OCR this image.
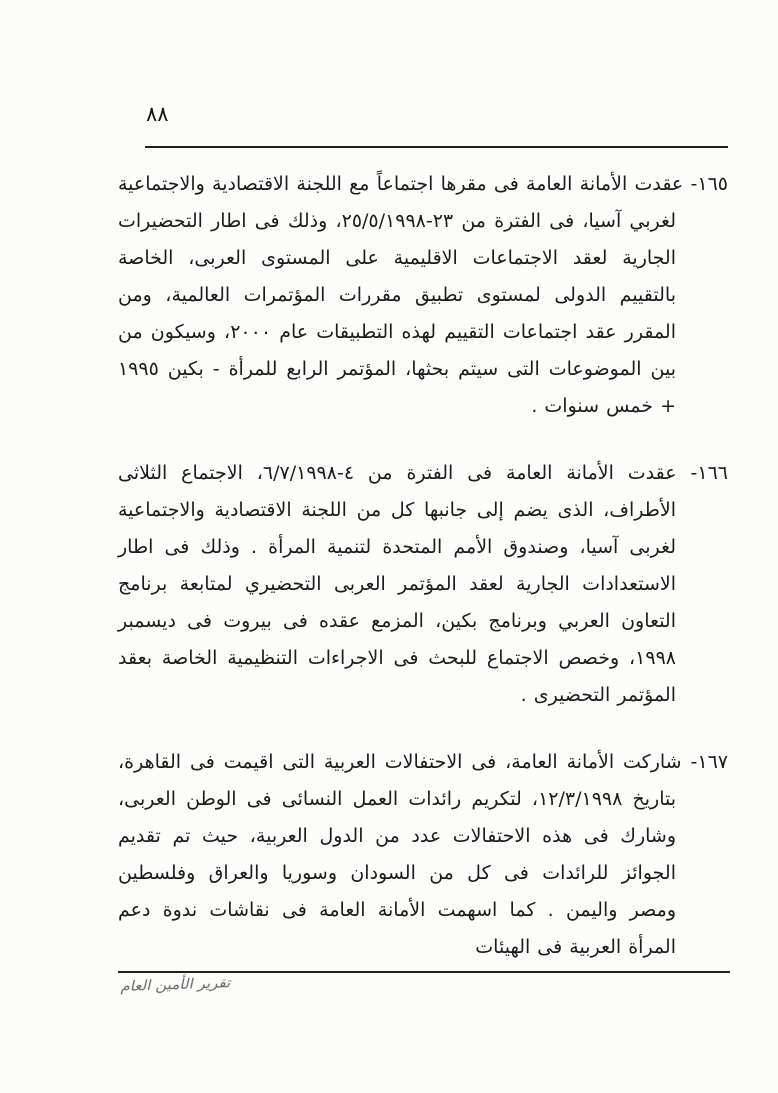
٨٨

١٦٥- عقدت الأمانة العامة فى مقرها اجتماعاً مع اللجنة الاقتصادية والاجتماعية لغربي آسيا، فى الفترة من ٢٣-٢٥/٥/١٩٩٨، وذلك فى اطار التحضيرات الجارية لعقد الاجتماعات الاقليمية على المستوى العربى، الخاصة بالتقييم الدولى لمستوى تطبيق مقررات المؤتمرات العالمية، ومن المقرر عقد اجتماعات التقييم لهذه التطبيقات عام ٢٠٠٠، وسيكون من بين الموضوعات التى سيتم بحثها، المؤتمر الرابع للمرأة - بكين ١٩٩٥ + خمس سنوات .

١٦٦- عقدت الأمانة العامة فى الفترة من ٤-٦/٧/١٩٩٨، الاجتماع الثلاثى الأطراف، الذى يضم إلى جانبها كل من اللجنة الاقتصادية والاجتماعية لغربى آسيا، وصندوق الأمم المتحدة لتنمية المرأة . وذلك فى اطار الاستعدادات الجارية لعقد المؤتمر العربى التحضيري لمتابعة برنامج التعاون العربي وبرنامج بكين، المزمع عقده فى بيروت فى ديسمبر ١٩٩٨، وخصص الاجتماع للبحث فى الاجراءات التنظيمية الخاصة بعقد المؤتمر التحضيرى .

١٦٧- شاركت الأمانة العامة، فى الاحتفالات العربية التى اقيمت فى القاهرة، بتاريخ ١٢/٣/١٩٩٨، لتكريم رائدات العمل النسائى فى الوطن العربى، وشارك فى هذه الاحتفالات عدد من الدول العربية، حيث تم تقديم الجوائز للرائدات فى كل من السودان وسوريا والعراق وفلسطين ومصر واليمن . كما اسهمت الأمانة العامة فى نقاشات ندوة دعم المرأة العربية فى الهيئات

تقرير الأمين العام
